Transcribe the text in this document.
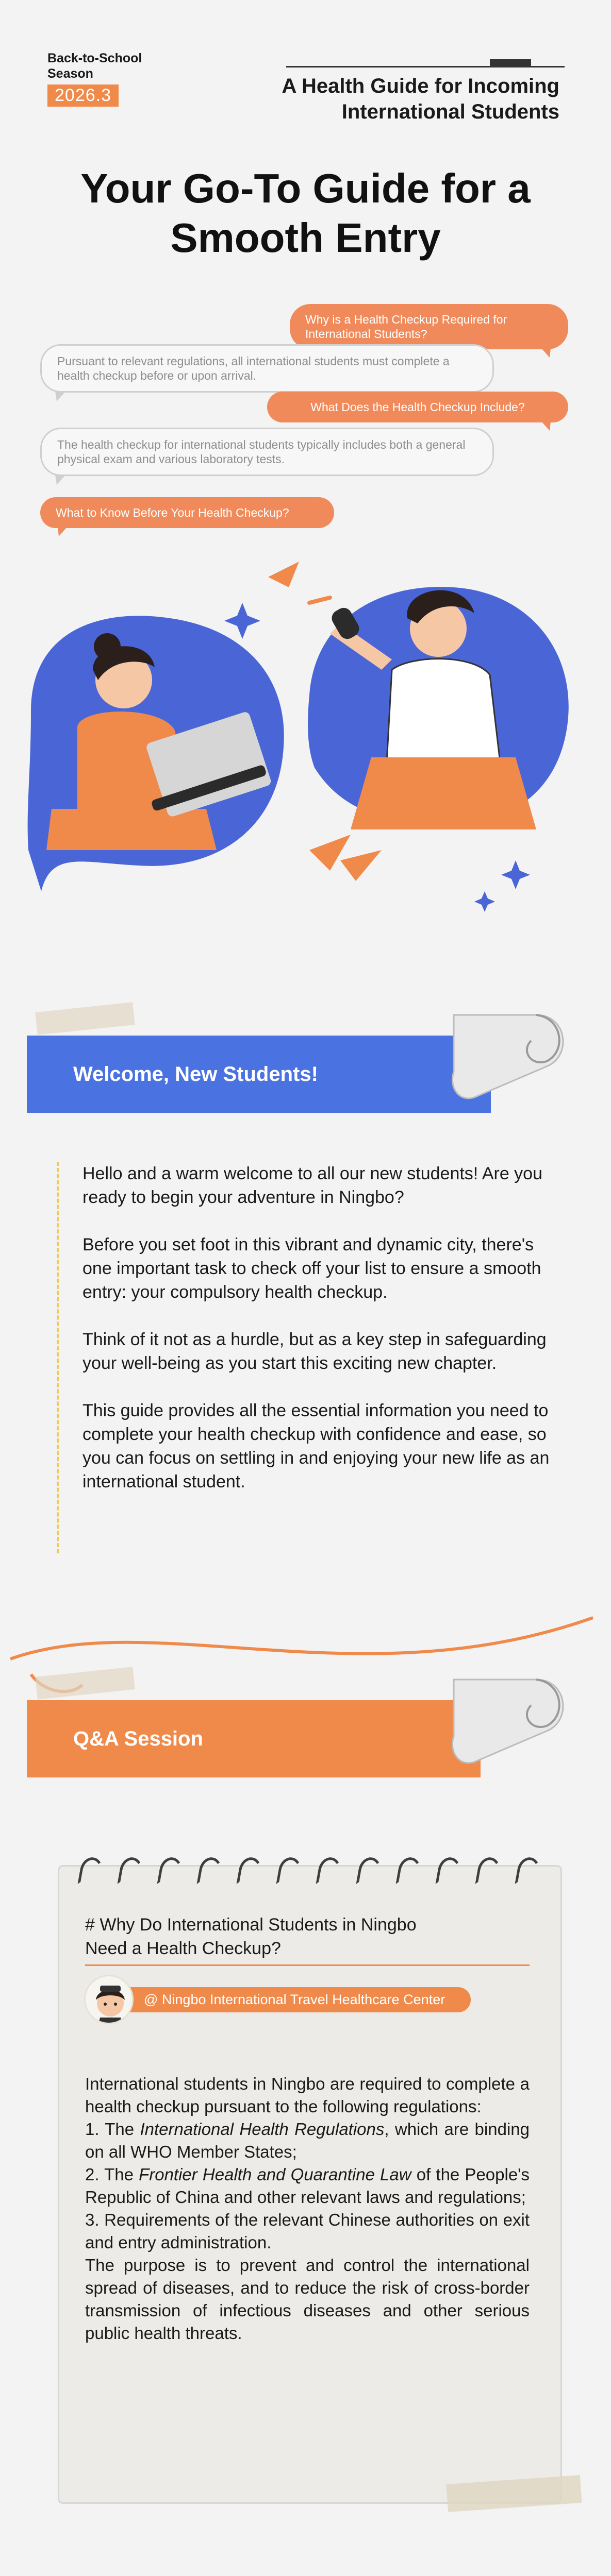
Back-to-School Season
2026.3	A Health Guide for Incoming International Students
Your Go-To Guide for a Smooth Entry
Why is a Health Checkup Required for International Students?
Pursuant to relevant regulations, all international students must complete a health checkup before or upon arrival.
What Does the Health Checkup Include?
The health checkup for international students typically includes both a general physical exam and various laboratory tests.
What to Know Before Your Health Checkup?
Welcome, New Students!

Hello and a warm welcome to all our new students! Are you ready to begin your adventure in Ningbo?

Before you set foot in this vibrant and dynamic city, there's one important task to check off your list to ensure a smooth entry: your compulsory health checkup.

Think of it not as a hurdle, but as a key step in safeguarding your well-being as you start this exciting new chapter.

This guide provides all the essential information you need to complete your health checkup with confidence and ease, so you can focus on settling in and enjoying your new life as an international student.

Q&A Session
# Why Do International Students in Ningbo Need a Health Checkup?
@ Ningbo International Travel Healthcare Center

International students in Ningbo are required to complete a health checkup pursuant to the following regulations:

1. The International Health Regulations, which are binding on all WHO Member States;

2. The Frontier Health and Quarantine Law of the People's Republic of China and other relevant laws and regulations;

3. Requirements of the relevant Chinese authorities on exit and entry administration.

The purpose is to prevent and control the international spread of diseases, and to reduce the risk of cross-border transmission of infectious diseases and other serious public health threats.
